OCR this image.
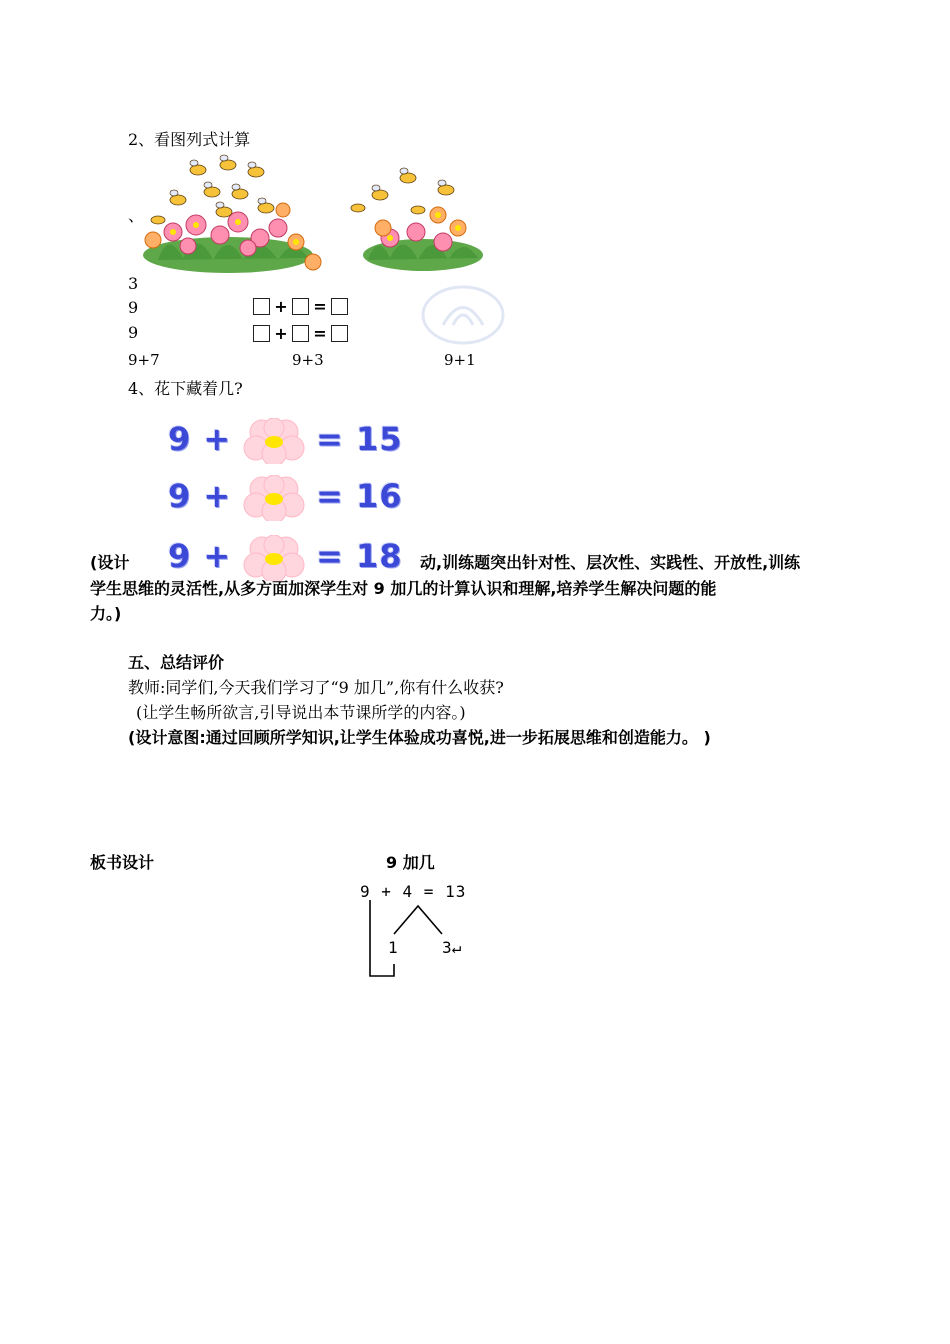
2、看图列式计算
、
3
9
9
+ =
+ =
9+7	9+3	9+1
4、花下藏着几?
9 +	= 15
9 +	= 16
(设计	动,训练题突出针对性、层次性、实践性、开放性,训练
9 +	= 18
学生思维的灵活性,从多方面加深学生对 9 加几的计算认识和理解,培养学生解决问题的能
力。)
五、总结评价
教师:同学们,今天我们学习了“9 加几”,你有什么收获?
(让学生畅所欲言,引导说出本节课所学的内容。)
(设计意图:通过回顾所学知识,让学生体验成功喜悦,进一步拓展思维和创造能力。 )
板书设计	9 加几
9 + 4 = 13
1	3↵
